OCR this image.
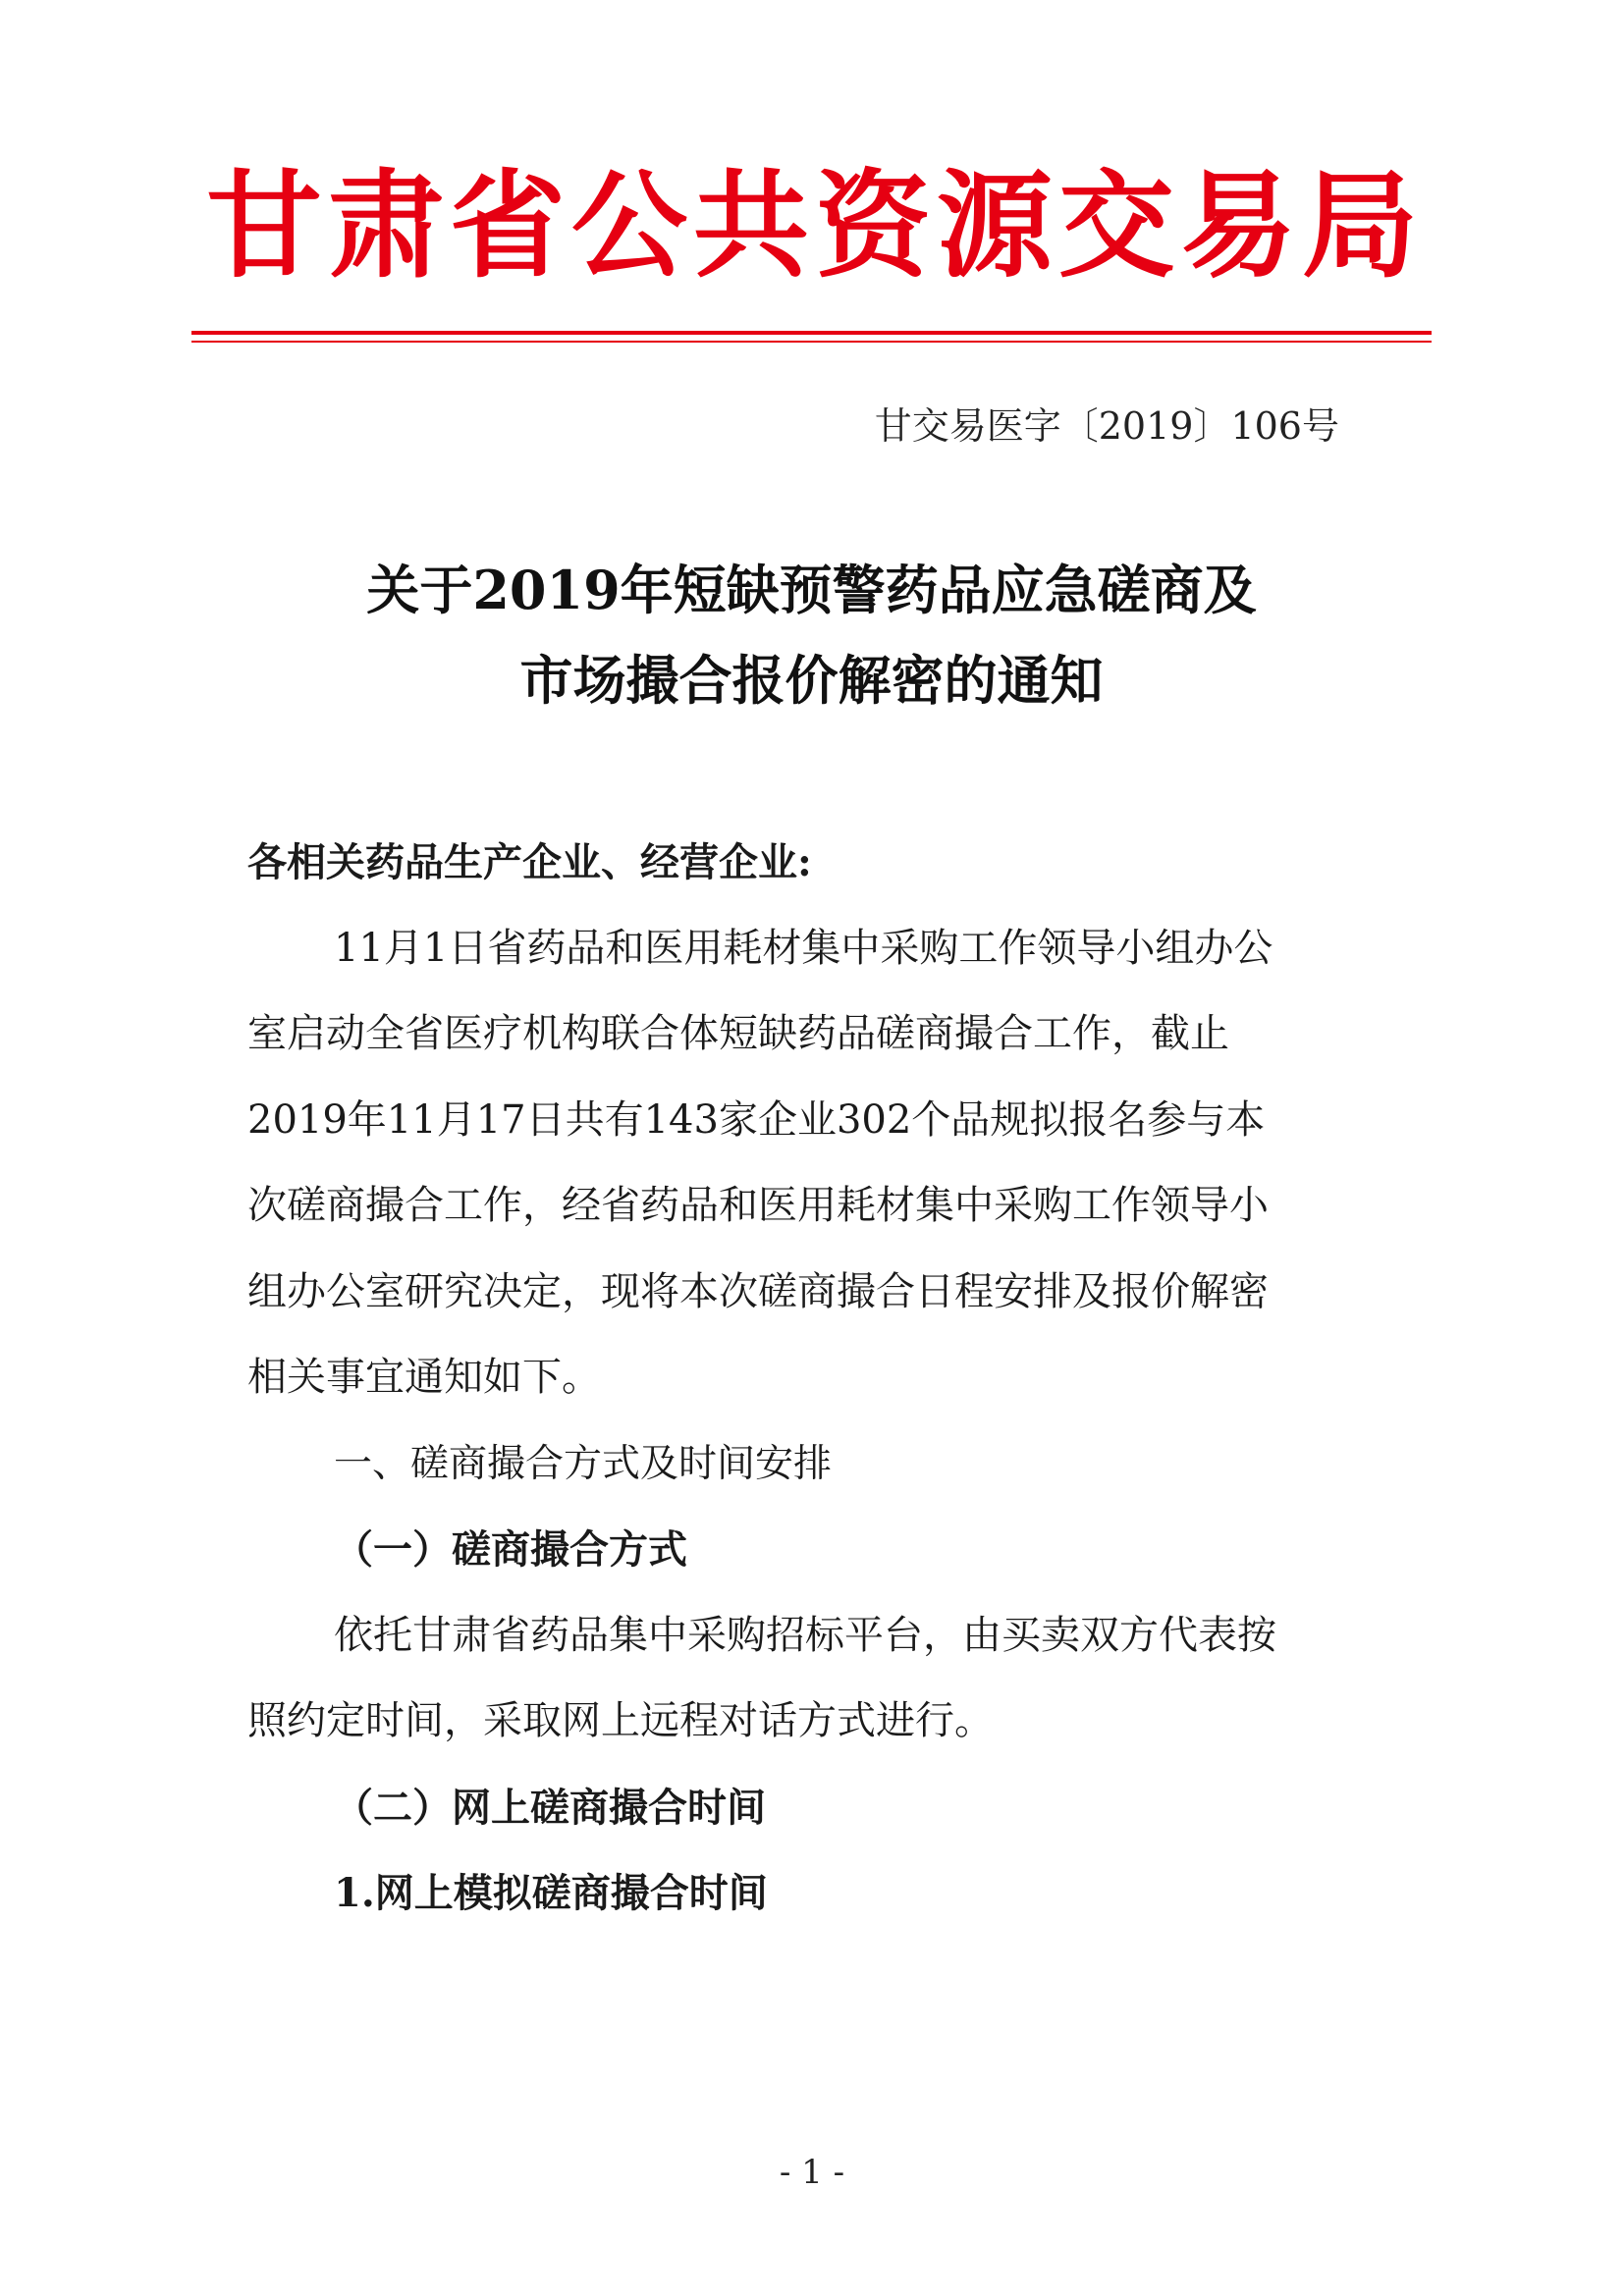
甘肃省公共资源交易局
甘交易医字〔2019〕106号
关于2019年短缺预警药品应急磋商及
市场撮合报价解密的通知
各相关药品生产企业、经营企业:
11月1日省药品和医用耗材集中采购工作领导小组办公
室启动全省医疗机构联合体短缺药品磋商撮合工作，截止
2019年11月17日共有143家企业302个品规拟报名参与本
次磋商撮合工作，经省药品和医用耗材集中采购工作领导小
组办公室研究决定，现将本次磋商撮合日程安排及报价解密
相关事宜通知如下。
一、磋商撮合方式及时间安排
（一）磋商撮合方式
依托甘肃省药品集中采购招标平台，由买卖双方代表按
照约定时间，采取网上远程对话方式进行。
（二）网上磋商撮合时间
1.网上模拟磋商撮合时间
- 1 -
